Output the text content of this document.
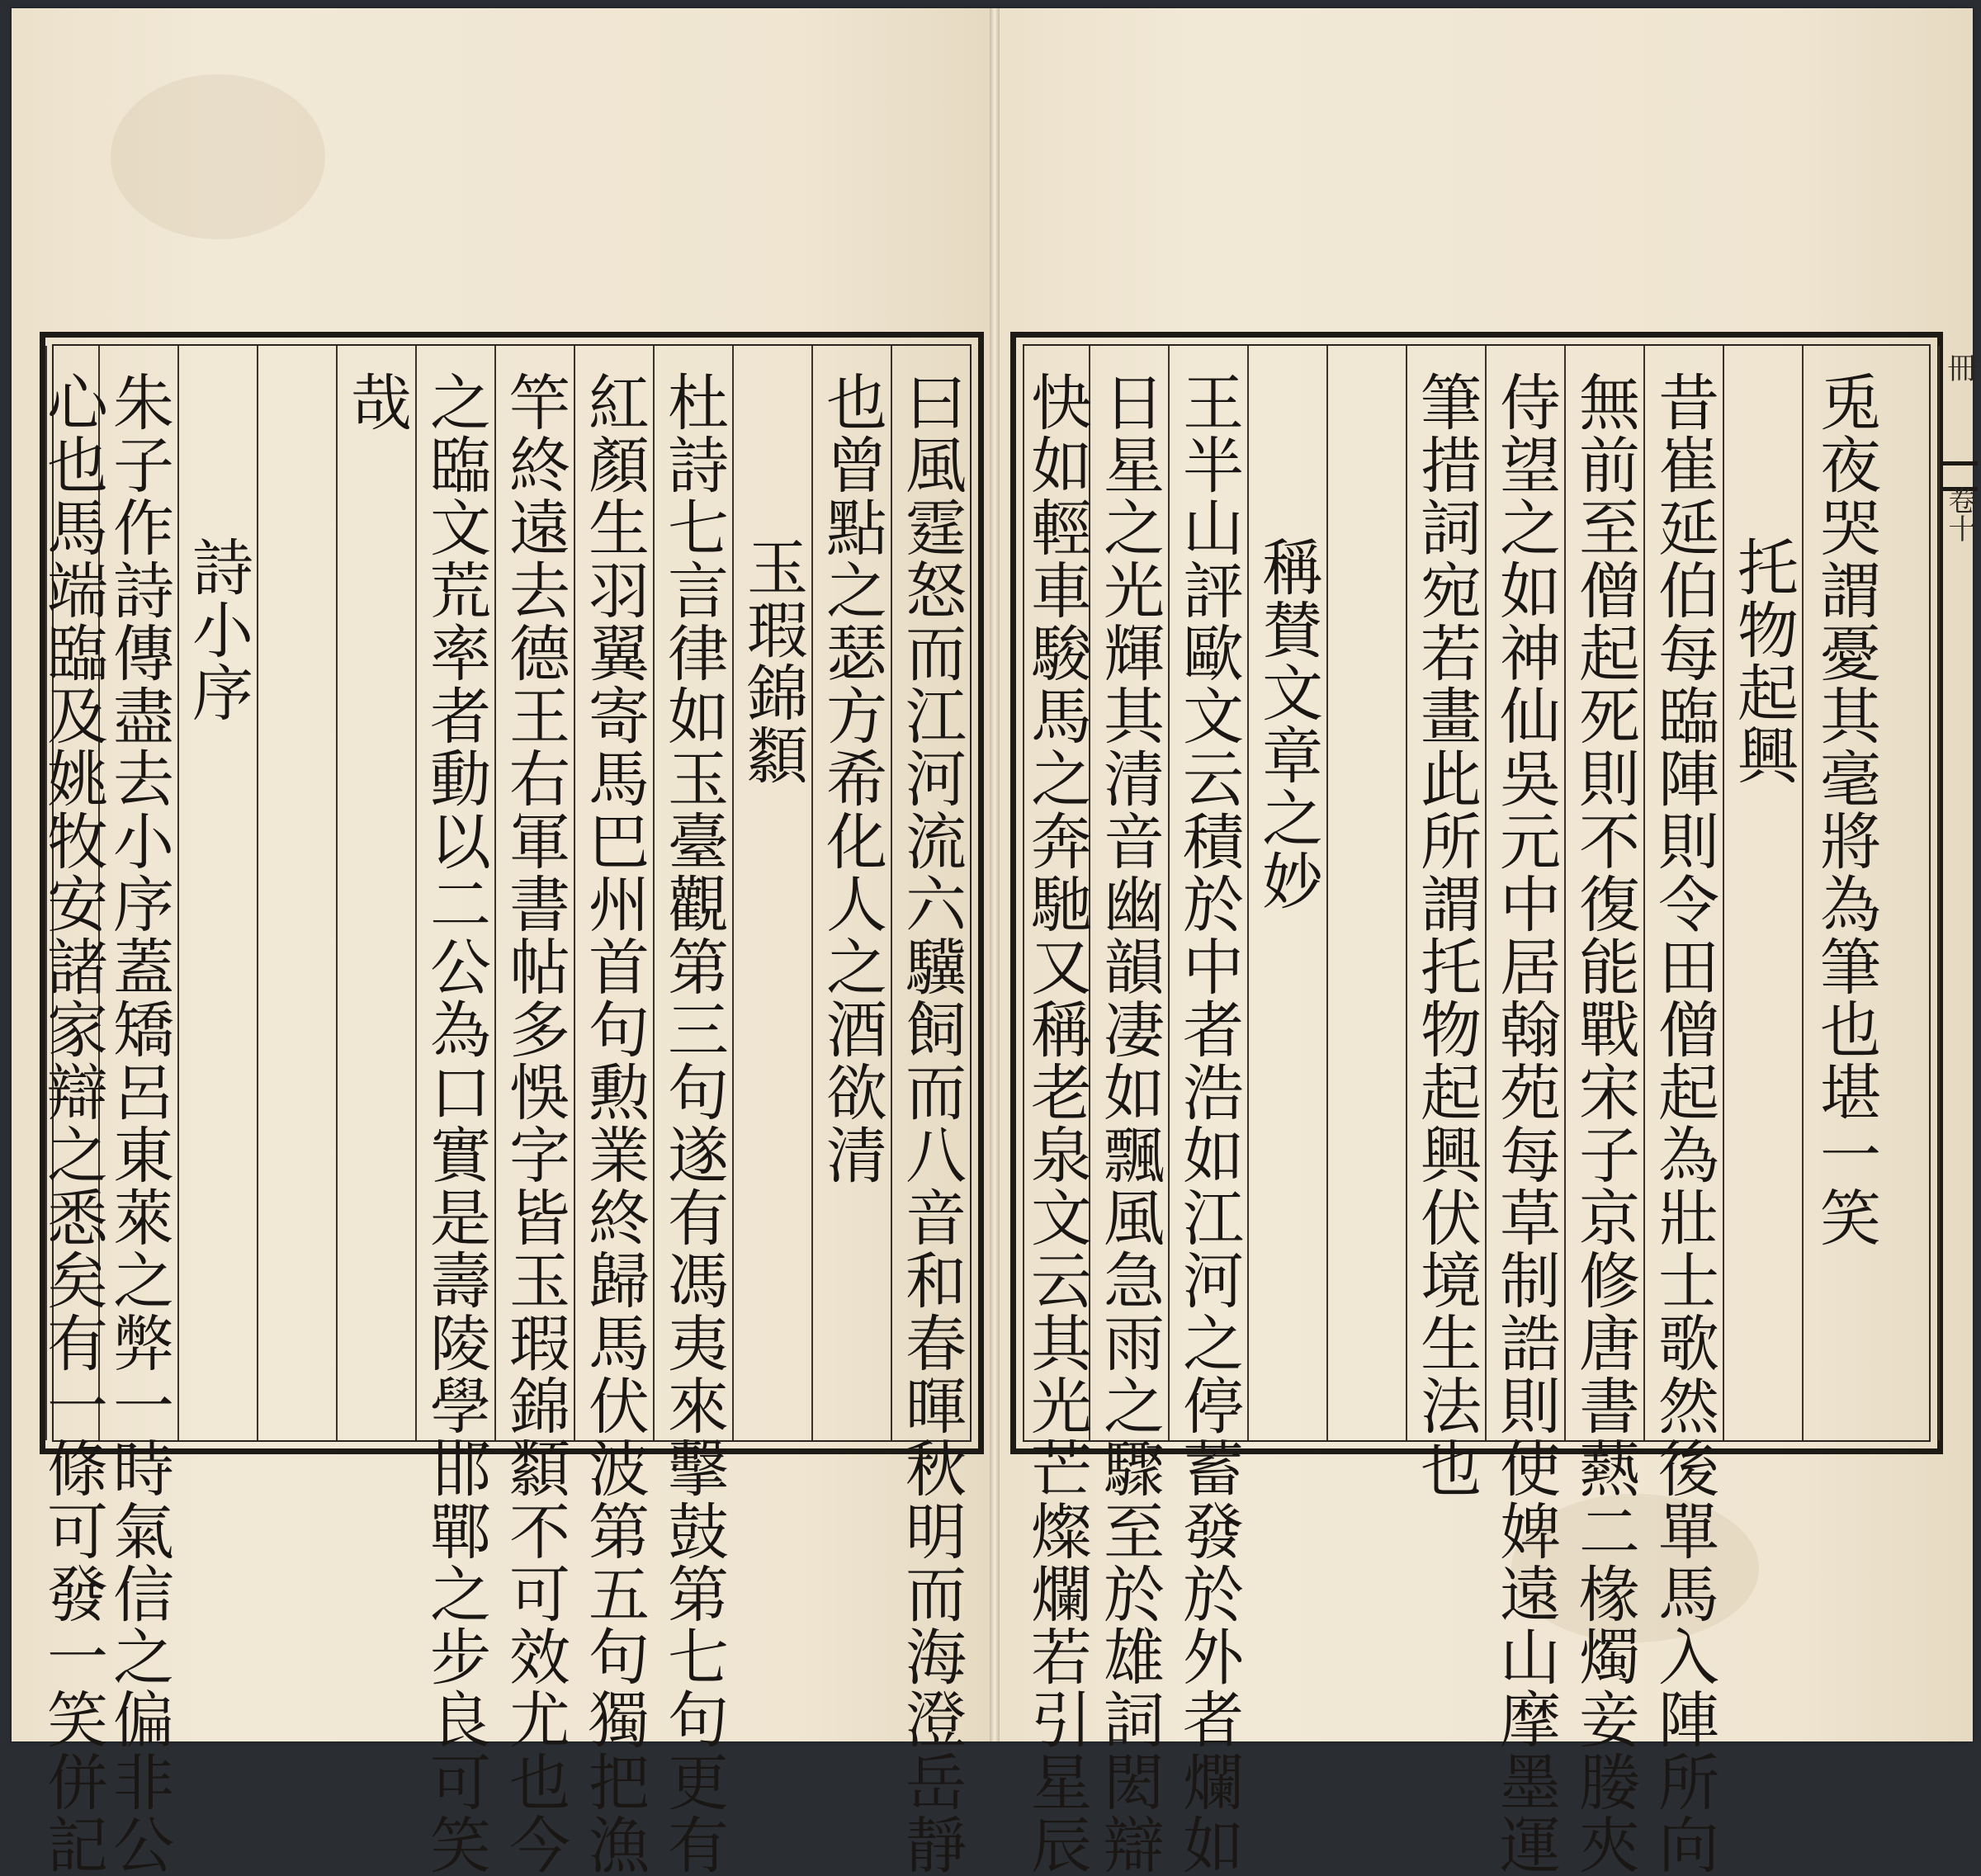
曰風霆怒而江河流六驥飼而八音和春暉秋明而海澄岳靜
也曾點之瑟方希化人之酒欲清
玉瑕錦纇
杜詩七言律如玉臺觀第三句遂有馮夷來擊鼓第七句更有
紅顏生羽翼寄馬巴州首句勲業終歸馬伏波第五句獨把漁
竿終遠去德王右軍書帖多悞字皆玉瑕錦纇不可效尤也今
之臨文荒率者動以二公為口實是壽陵學邯鄲之步良可笑
哉
詩小序
朱子作詩傳盡去小序蓋矯呂東萊之弊一時氣信之偏非公
心也馬端臨及姚牧安諸家辯之悉矣有一條可發一笑併記
冊
卷十
兎夜哭謂憂其毫將為筆也堪一笑
托物起興
昔崔延伯每臨陣則令田僧起為壯士歌然後單馬入陣所向
無前至僧起死則不復能戰宋子京修唐書爇二椽燭妾媵夾
侍望之如神仙吳元中居翰苑每草制誥則使婢遠山摩墨運
筆措詞宛若畫此所謂托物起興伏境生法也
稱賛文章之妙
王半山評歐文云積於中者浩如江河之停蓄發於外者爛如
日星之光輝其清音幽韻凄如飄風急雨之驟至於雄詞閎辯
快如輕車駿馬之奔馳又稱老泉文云其光芒燦爛若引星辰
